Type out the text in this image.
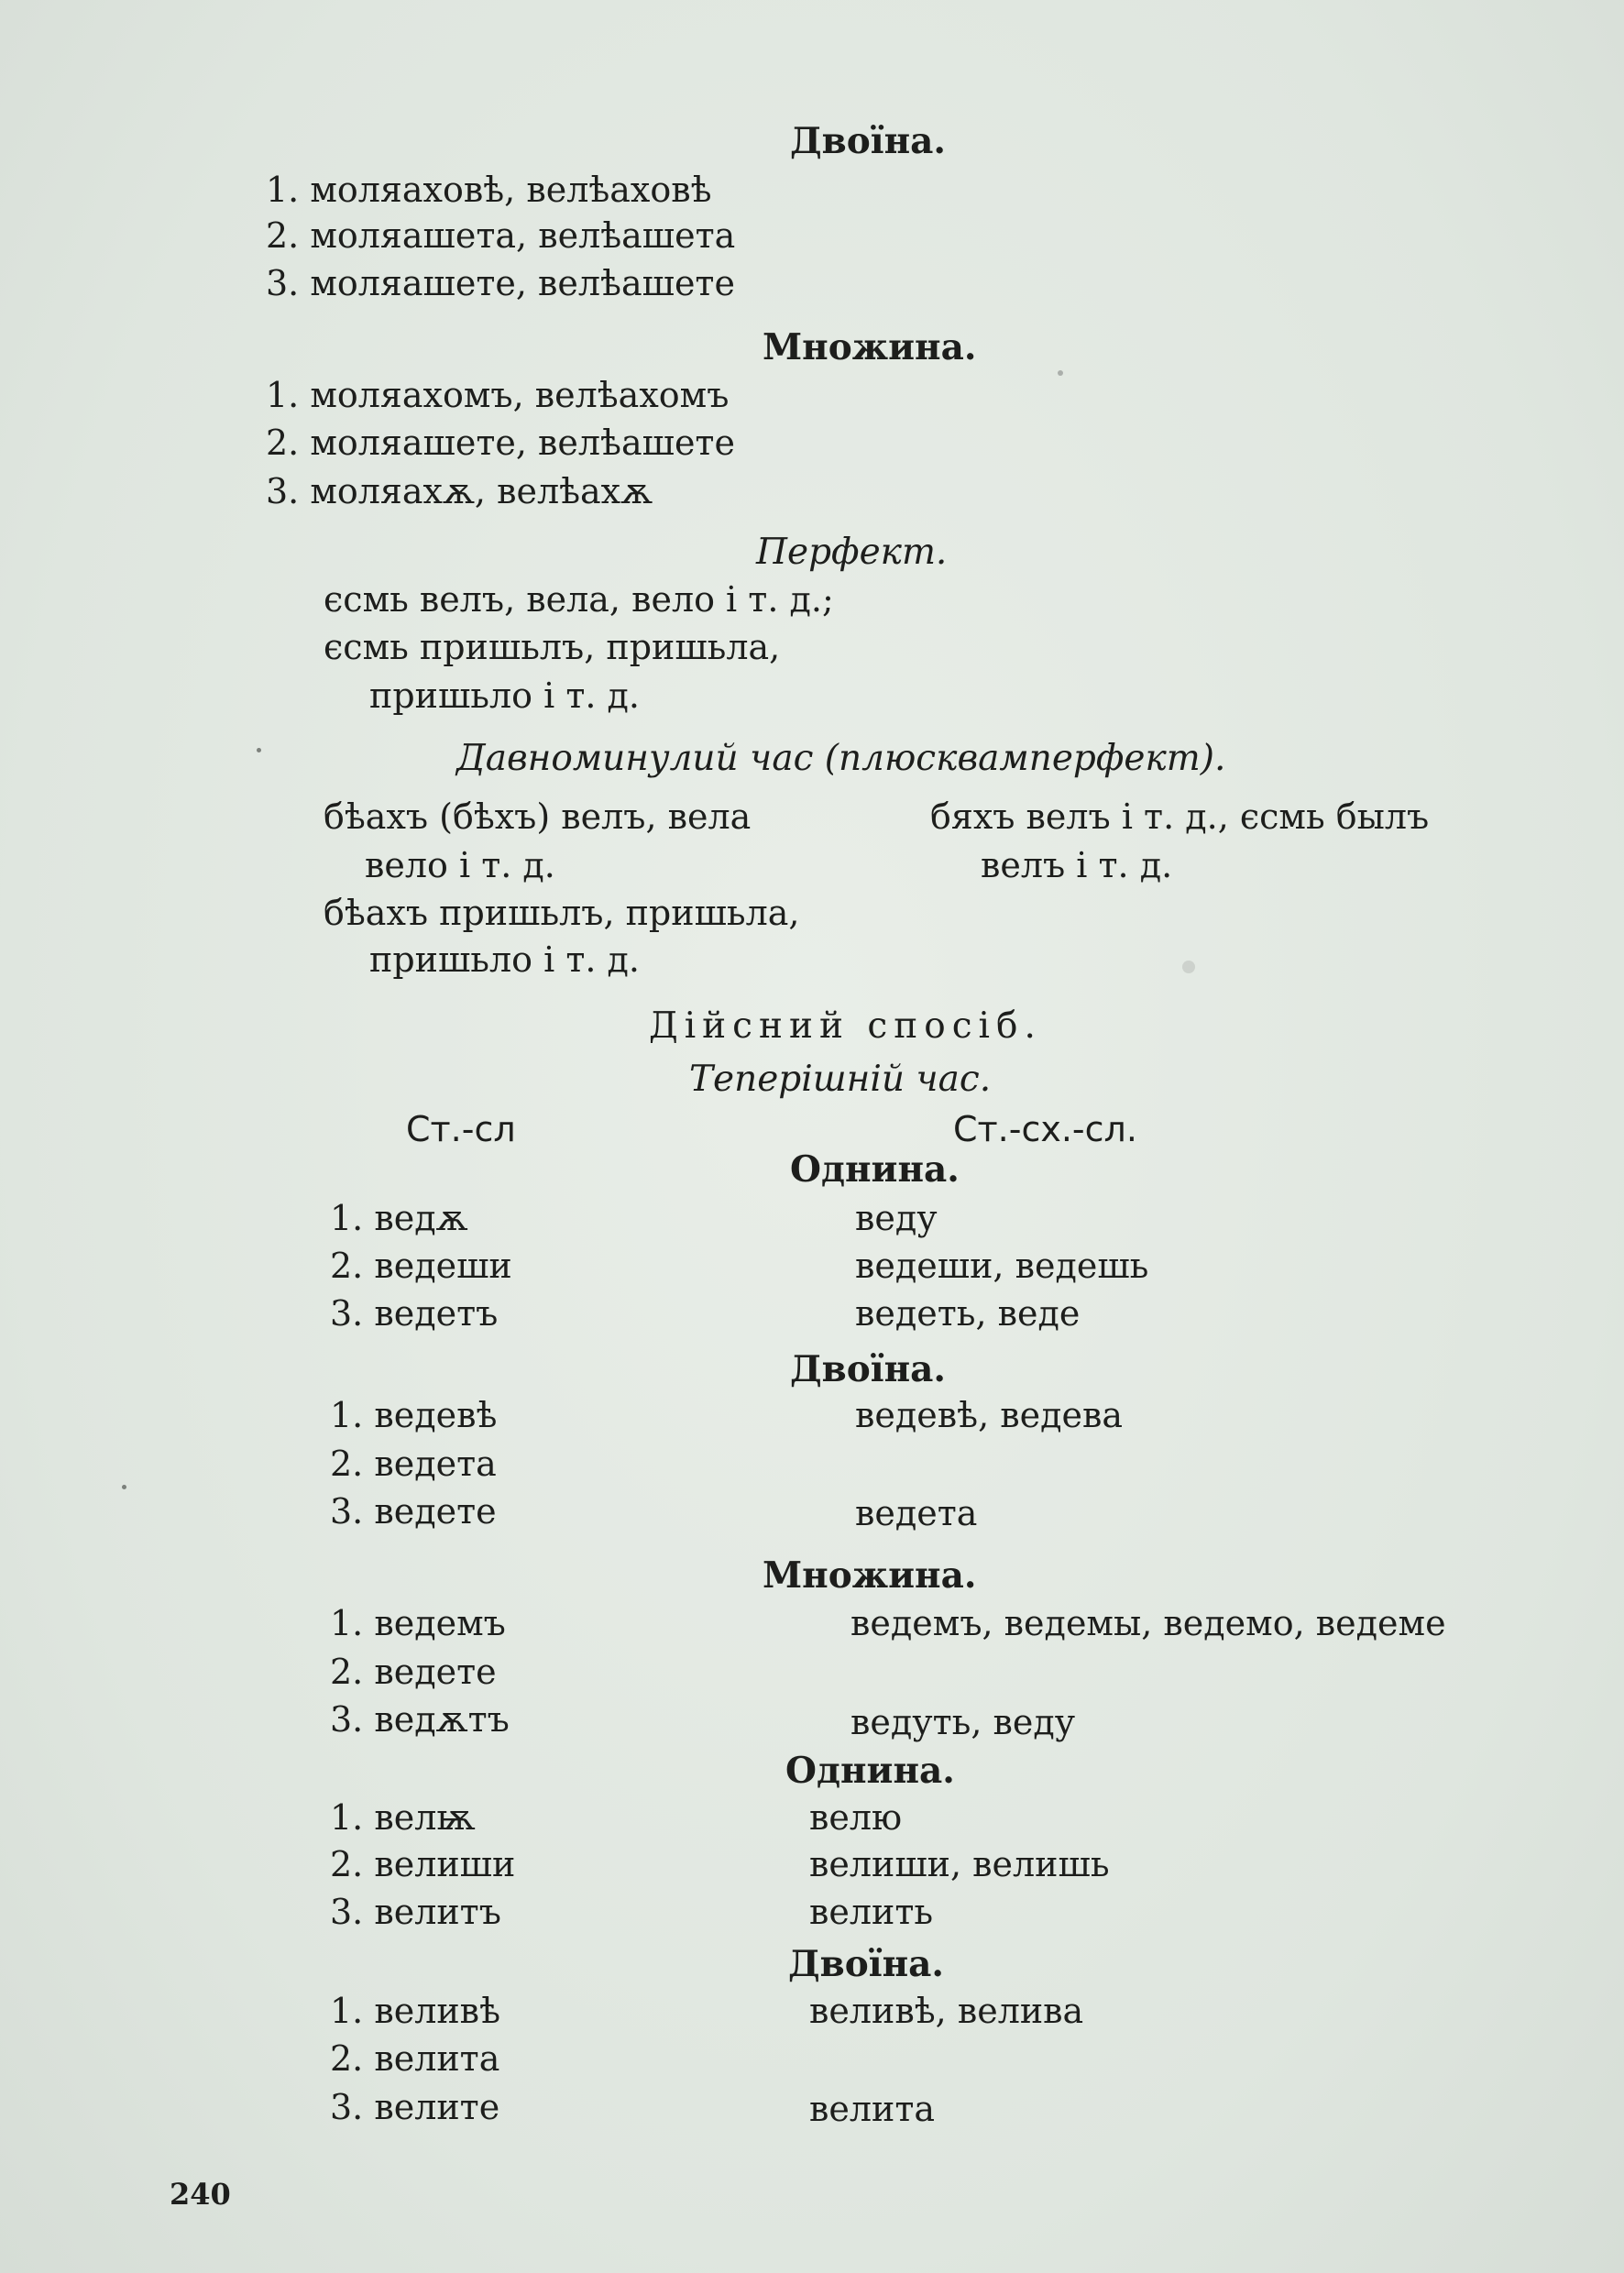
Двоїна.
1. моляаховѣ, велѣаховѣ
2. моляашета, велѣашета
3. моляашете, велѣашете
Множина.
1. моляахомъ, велѣахомъ
2. моляашете, велѣашете
3. моляахѫ, велѣахѫ
Перфект.
єсмь велъ, вела, вело і т. д.;
єсмь пришьлъ, пришьла,
пришьло і т. д.
Давноминулий час (плюсквамперфект).
бѣахъ (бѣхъ) велъ, вела	бяхъ велъ і т. д., єсмь былъ
вело і т. д.	велъ і т. д.
бѣахъ пришьлъ, пришьла,
пришьло і т. д.
Дійсний спосіб.
Теперішній час.
Ст.-сл	Ст.-сх.-сл.
Однина.
1. ведѫ	веду
2. ведеши	ведеши, ведешь
3. ведетъ	ведеть, веде
Двоїна.
1. ведевѣ	ведевѣ, ведева
2. ведета
3. ведете	ведета
Множина.
1. ведемъ	ведемъ, ведемы, ведемо, ведеме
2. ведете
3. ведѫтъ	ведуть, веду
Однина.
1. велѭ	велю
2. велиши	велиши, велишь
3. велитъ	велить
Двоїна.
1. веливѣ	веливѣ, велива
2. велита
3. велите	велита
240
